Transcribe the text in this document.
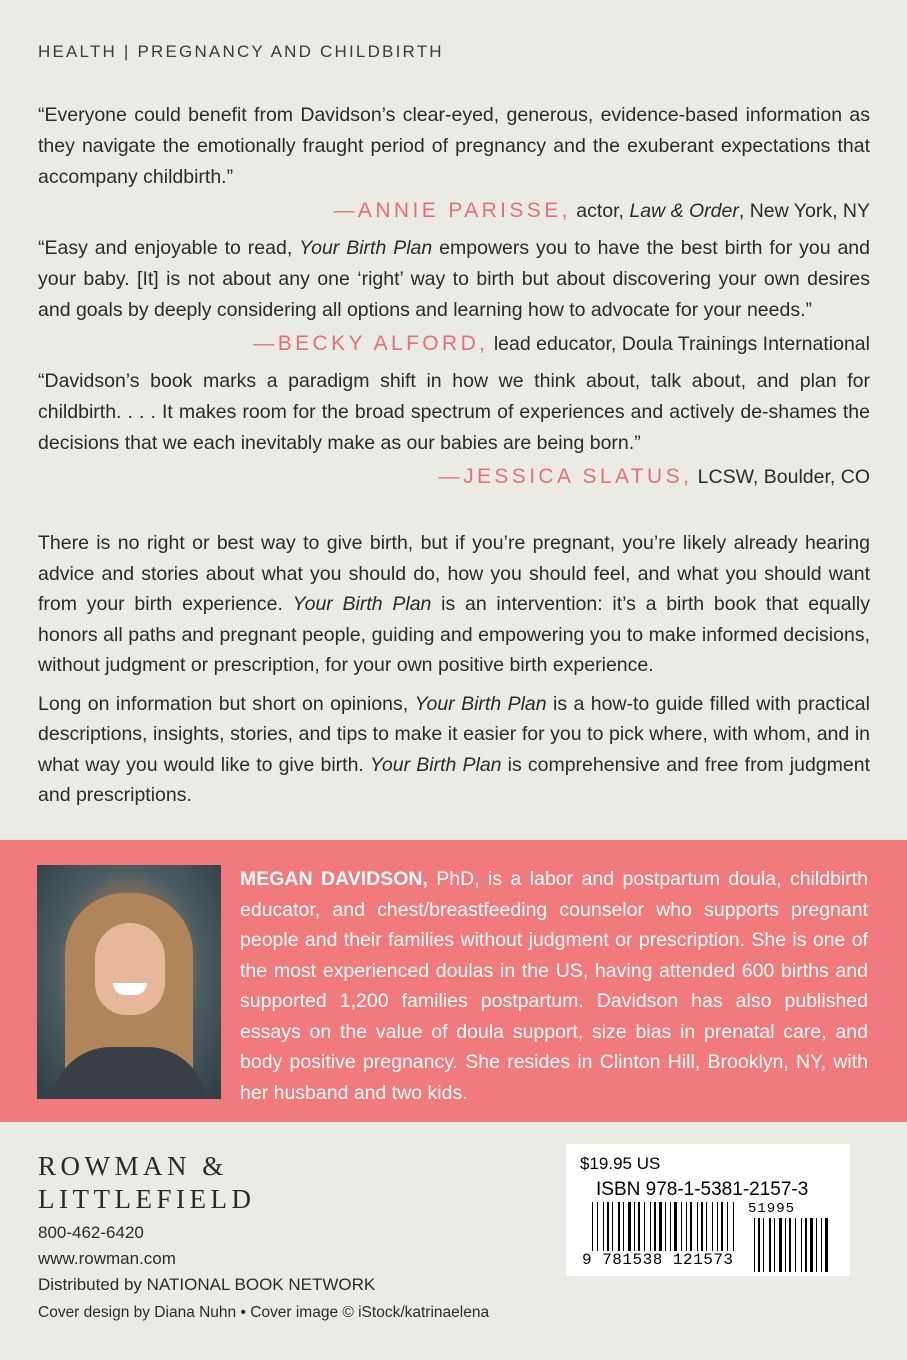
HEALTH | PREGNANCY AND CHILDBIRTH

“Everyone could benefit from Davidson’s clear-eyed, generous, evidence-based information as they navigate the emotionally fraught period of pregnancy and the exuberant expectations that accompany childbirth.”

—ANNIE PARISSE, actor, Law & Order, New York, NY

“Easy and enjoyable to read, Your Birth Plan empowers you to have the best birth for you and your baby. [It] is not about any one ‘right’ way to birth but about discovering your own desires and goals by deeply considering all options and learning how to advocate for your needs.”

—BECKY ALFORD, lead educator, Doula Trainings International

“Davidson’s book marks a paradigm shift in how we think about, talk about, and plan for childbirth. . . . It makes room for the broad spectrum of experiences and actively de-shames the decisions that we each inevitably make as our babies are being born.”

—JESSICA SLATUS, LCSW, Boulder, CO

There is no right or best way to give birth, but if you’re pregnant, you’re likely already hearing advice and stories about what you should do, how you should feel, and what you should want from your birth experience. Your Birth Plan is an intervention: it’s a birth book that equally honors all paths and pregnant people, guiding and empowering you to make informed decisions, without judgment or prescription, for your own positive birth experience.

Long on information but short on opinions, Your Birth Plan is a how-to guide filled with practical descriptions, insights, stories, and tips to make it easier for you to pick where, with whom, and in what way you would like to give birth. Your Birth Plan is comprehensive and free from judgment and prescriptions.

MEGAN DAVIDSON, PhD, is a labor and postpartum doula, childbirth educator, and chest/breastfeeding counselor who supports pregnant people and their families without judgment or prescription. She is one of the most experienced doulas in the US, having attended 600 births and supported 1,200 families postpartum. Davidson has also published essays on the value of doula support, size bias in prenatal care, and body positive pregnancy. She resides in Clinton Hill, Brooklyn, NY, with her husband and two kids.

ROWMAN &
LITTLEFIELD
800-462-6420
www.rowman.com
Distributed by NATIONAL BOOK NETWORK
Cover design by Diana Nuhn • Cover image © iStock/katrinaelena
$19.95 US
ISBN 978-1-5381-2157-3
51995
9 781538 121573
